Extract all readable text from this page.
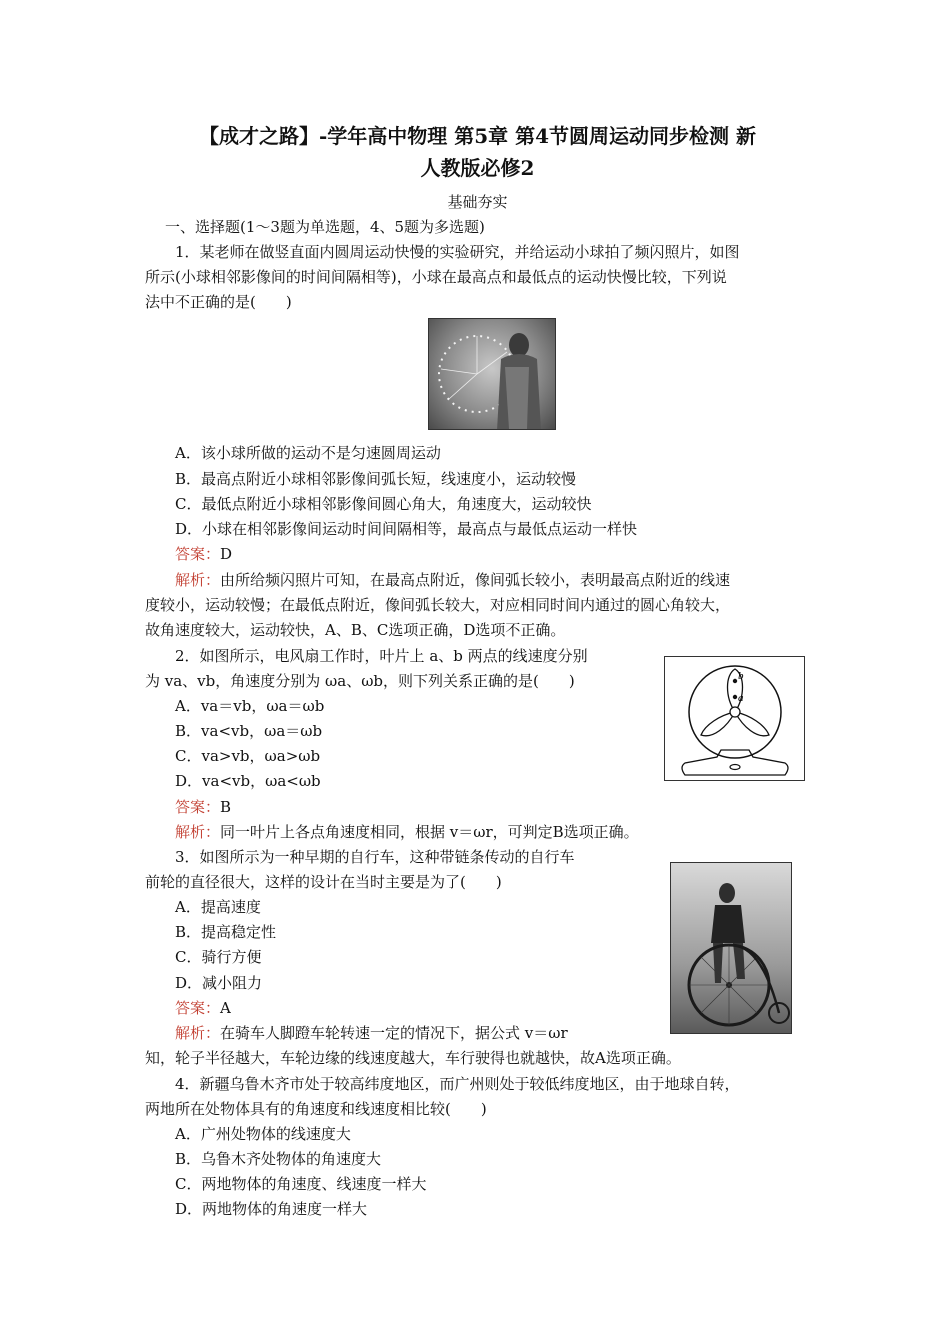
【成才之路】-学年高中物理 第5章 第4节圆周运动同步检测 新
人教版必修2
基础夯实
一、选择题(1～3题为单选题，4、5题为多选题)
1．某老师在做竖直面内圆周运动快慢的实验研究，并给运动小球拍了频闪照片，如图
所示(小球相邻影像间的时间间隔相等)，小球在最高点和最低点的运动快慢比较，下列说
法中不正确的是(　　)
A．该小球所做的运动不是匀速圆周运动
B．最高点附近小球相邻影像间弧长短，线速度小，运动较慢
C．最低点附近小球相邻影像间圆心角大，角速度大，运动较快
D．小球在相邻影像间运动时间间隔相等，最高点与最低点运动一样快
答案：D
解析：由所给频闪照片可知，在最高点附近，像间弧长较小，表明最高点附近的线速
度较小，运动较慢；在最低点附近，像间弧长较大，对应相同时间内通过的圆心角较大，
故角速度较大，运动较快，A、B、C选项正确，D选项不正确。
2．如图所示，电风扇工作时，叶片上 a、b 两点的线速度分别
为 va、vb，角速度分别为 ωa、ωb，则下列关系正确的是(　　)
A．va＝vb，ωa＝ωb
B．va<vb，ωa＝ωb
C．va>vb，ωa>ωb
D．va<vb，ωa<ωb
答案：B
解析：同一叶片上各点角速度相同，根据 v＝ωr，可判定B选项正确。
b
a
3．如图所示为一种早期的自行车，这种带链条传动的自行车
前轮的直径很大，这样的设计在当时主要是为了(　　)
A．提高速度
B．提高稳定性
C．骑行方便
D．减小阻力
答案：A
解析：在骑车人脚蹬车轮转速一定的情况下，据公式 v＝ωr
知，轮子半径越大，车轮边缘的线速度越大，车行驶得也就越快，故A选项正确。
4．新疆乌鲁木齐市处于较高纬度地区，而广州则处于较低纬度地区，由于地球自转，
两地所在处物体具有的角速度和线速度相比较(　　)
A．广州处物体的线速度大
B．乌鲁木齐处物体的角速度大
C．两地物体的角速度、线速度一样大
D．两地物体的角速度一样大
